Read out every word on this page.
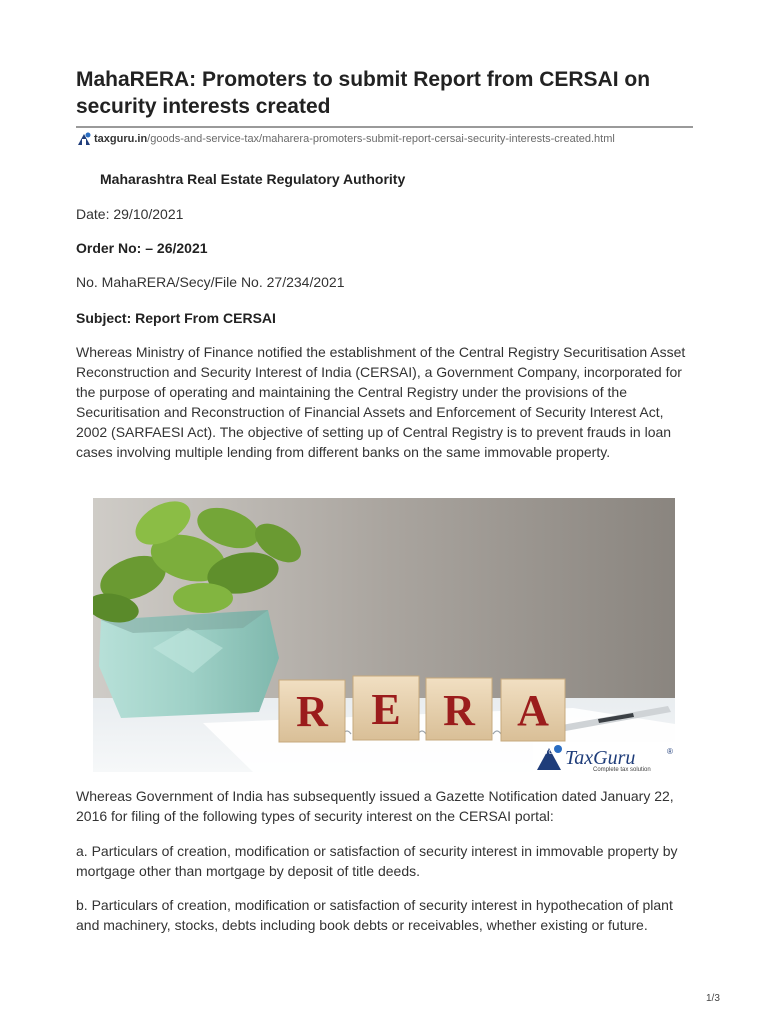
MahaRERA: Promoters to submit Report from CERSAI on security interests created
taxguru.in /goods-and-service-tax/maharera-promoters-submit-report-cersai-security-interests-created.html
Maharashtra Real Estate Regulatory Authority
Date: 29/10/2021
Order No: – 26/2021
No. MahaRERA/Secy/File No. 27/234/2021
Subject: Report From CERSAI
Whereas Ministry of Finance notified the establishment of the Central Registry Securitisation Asset Reconstruction and Security Interest of India (CERSAI), a Government Company, incorporated for the purpose of operating and maintaining the Central Registry under the provisions of the Securitisation and Reconstruction of Financial Assets and Enforcement of Security Interest Act, 2002 (SARFAESI Act). The objective of setting up of Central Registry is to prevent frauds in loan cases involving multiple lending from different banks on the same immovable property.
R E R A
TG TaxGuru	®
Complete tax solution
Whereas Government of India has subsequently issued a Gazette Notification dated January 22, 2016 for filing of the following types of security interest on the CERSAI portal:
a. Particulars of creation, modification or satisfaction of security interest in immovable property by mortgage other than mortgage by deposit of title deeds.
b. Particulars of creation, modification or satisfaction of security interest in hypothecation of plant and machinery, stocks, debts including book debts or receivables, whether existing or future.
1/3
